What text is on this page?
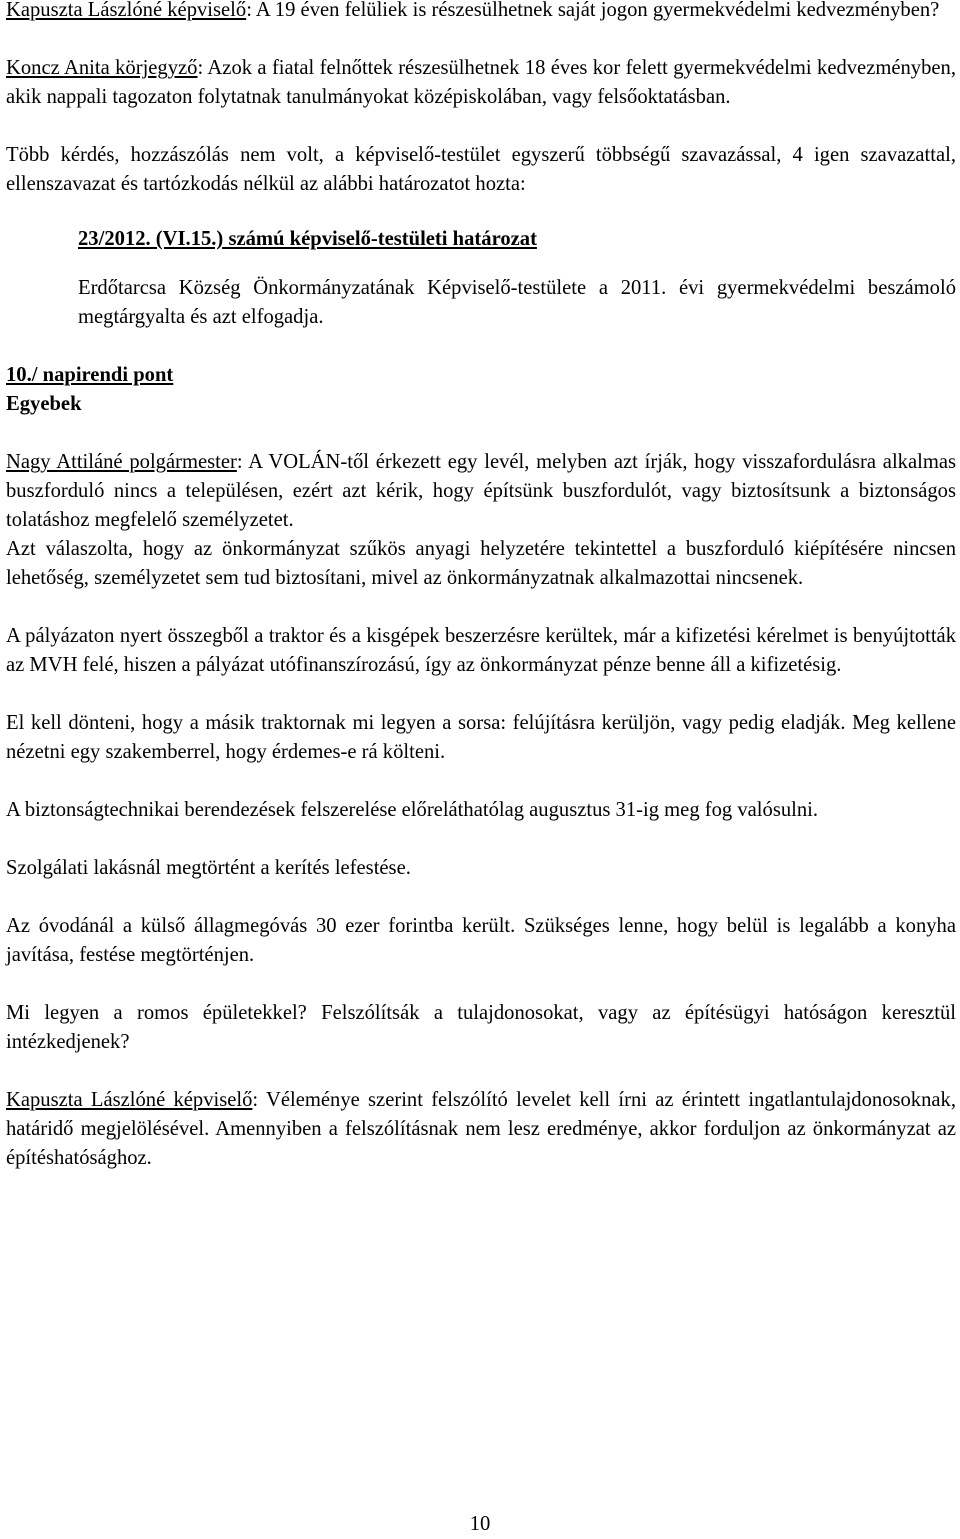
Kapuszta Lászlóné képviselő: A 19 éven felüliek is részesülhetnek saját jogon gyermekvédelmi kedvezményben?

Koncz Anita körjegyző: Azok a fiatal felnőttek részesülhetnek 18 éves kor felett gyermekvédelmi kedvezményben, akik nappali tagozaton folytatnak tanulmányokat középiskolában, vagy felsőoktatásban.

Több kérdés, hozzászólás nem volt, a képviselő-testület egyszerű többségű szavazással, 4 igen szavazattal, ellenszavazat és tartózkodás nélkül az alábbi határozatot hozta:

23/2012. (VI.15.) számú képviselő-testületi határozat

Erdőtarcsa Község Önkormányzatának Képviselő-testülete a 2011. évi gyermekvédelmi beszámoló megtárgyalta és azt elfogadja.

10./ napirendi pont
Egyebek

Nagy Attiláné polgármester: A VOLÁN-től érkezett egy levél, melyben azt írják, hogy visszafordulásra alkalmas buszforduló nincs a településen, ezért azt kérik, hogy építsünk buszfordulót, vagy biztosítsunk a biztonságos tolatáshoz megfelelő személyzetet.

Azt válaszolta, hogy az önkormányzat szűkös anyagi helyzetére tekintettel a buszforduló kiépítésére nincsen lehetőség, személyzetet sem tud biztosítani, mivel az önkormányzatnak alkalmazottai nincsenek.

A pályázaton nyert összegből a traktor és a kisgépek beszerzésre kerültek, már a kifizetési kérelmet is benyújtották az MVH felé, hiszen a pályázat utófinanszírozású, így az önkormányzat pénze benne áll a kifizetésig.

El kell dönteni, hogy a másik traktornak mi legyen a sorsa: felújításra kerüljön, vagy pedig eladják. Meg kellene nézetni egy szakemberrel, hogy érdemes-e rá költeni.

A biztonságtechnikai berendezések felszerelése előreláthatólag augusztus 31-ig meg fog valósulni.

Szolgálati lakásnál megtörtént a kerítés lefestése.

Az óvodánál a külső állagmegóvás 30 ezer forintba került. Szükséges lenne, hogy belül is legalább a konyha javítása, festése megtörténjen.

Mi legyen a romos épületekkel? Felszólítsák a tulajdonosokat, vagy az építésügyi hatóságon keresztül intézkedjenek?

Kapuszta Lászlóné képviselő: Véleménye szerint felszólító levelet kell írni az érintett ingatlantulajdonosoknak, határidő megjelölésével. Amennyiben a felszólításnak nem lesz eredménye, akkor forduljon az önkormányzat az építéshatósághoz.

10
